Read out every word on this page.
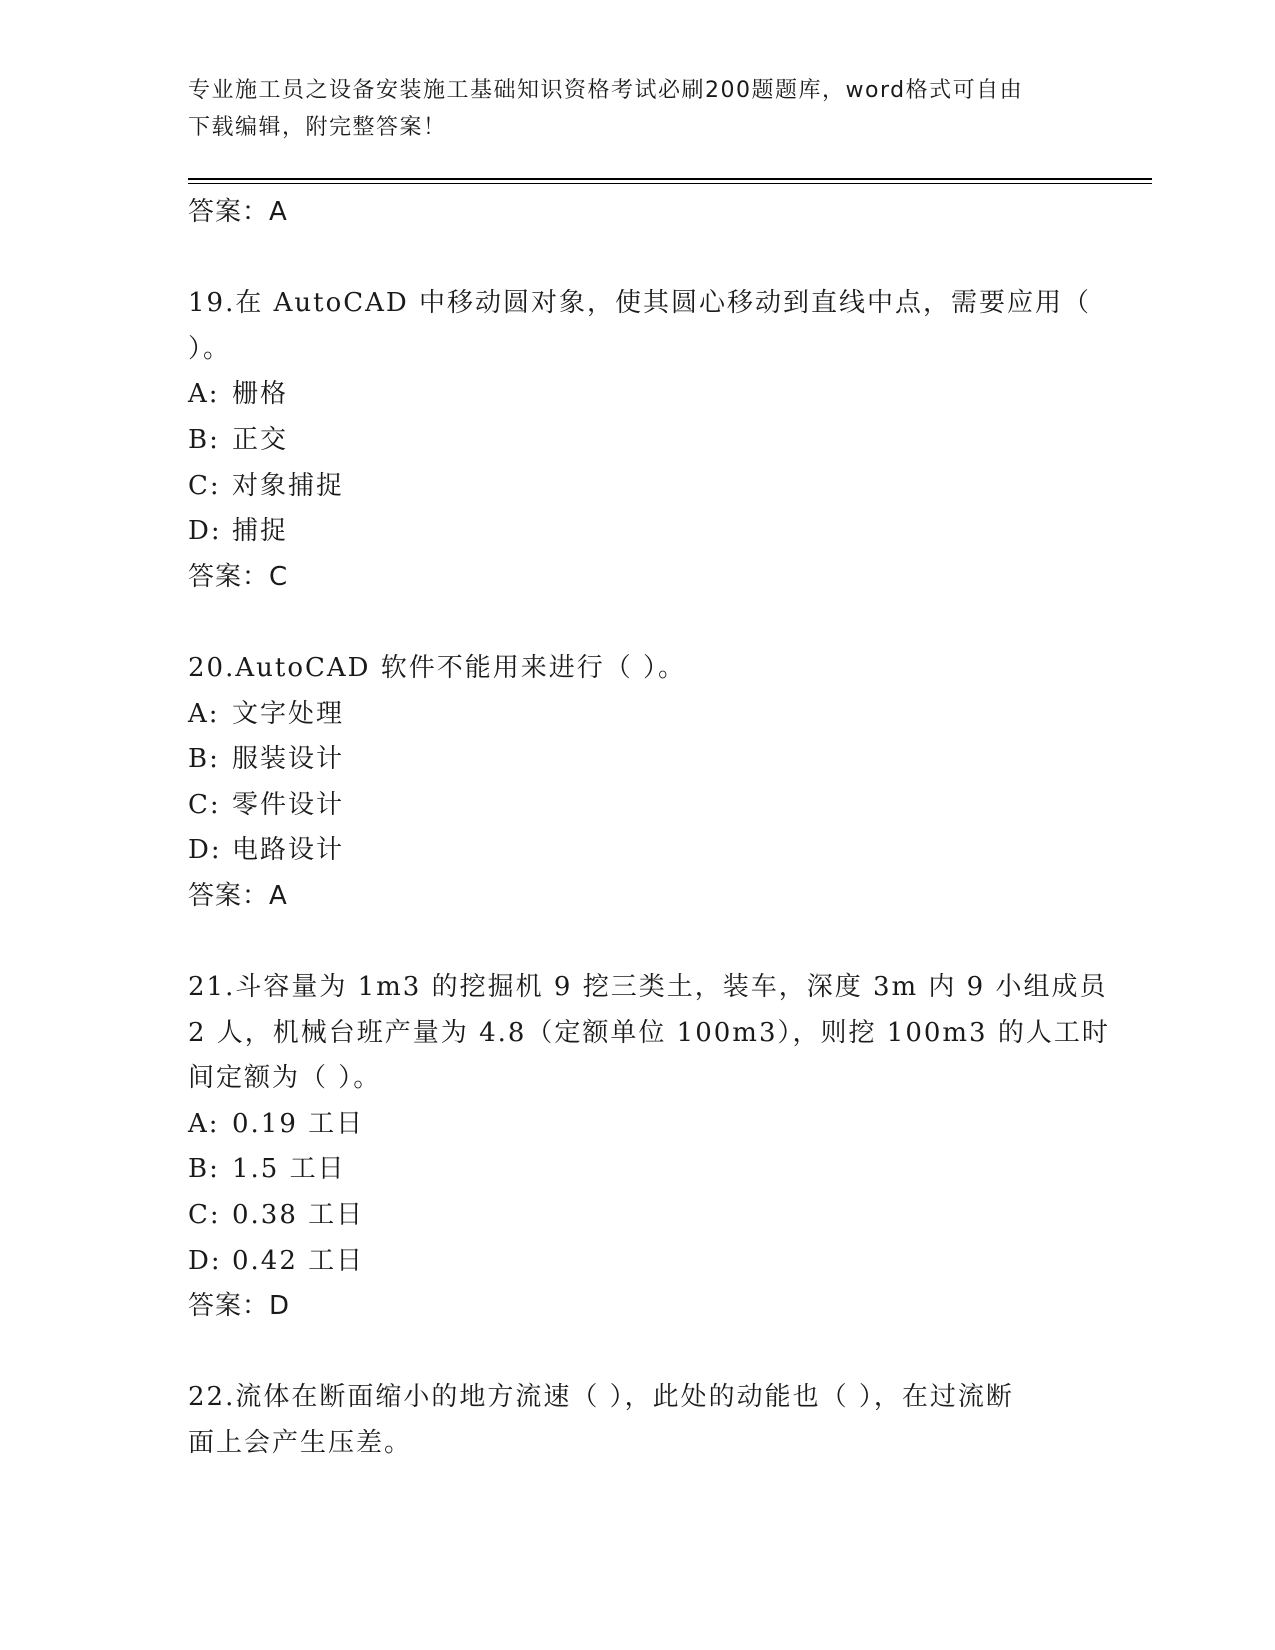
专业施工员之设备安装施工基础知识资格考试必刷200题题库，word格式可自由
下载编辑，附完整答案！
答案：A
19.在 AutoCAD 中移动圆对象，使其圆心移动到直线中点，需要应用（
）。
A: 栅格
B: 正交
C: 对象捕捉
D: 捕捉
答案：C
20.AutoCAD 软件不能用来进行（ ）。
A: 文字处理
B: 服装设计
C: 零件设计
D: 电路设计
答案：A
21.斗容量为 1m3 的挖掘机 9 挖三类土，装车，深度 3m 内 9 小组成员
2 人，机械台班产量为 4.8（定额单位 100m3），则挖 100m3 的人工时
间定额为（ ）。
A: 0.19 工日
B: 1.5 工日
C: 0.38 工日
D: 0.42 工日
答案：D
22.流体在断面缩小的地方流速（ ），此处的动能也（ ），在过流断
面上会产生压差。
